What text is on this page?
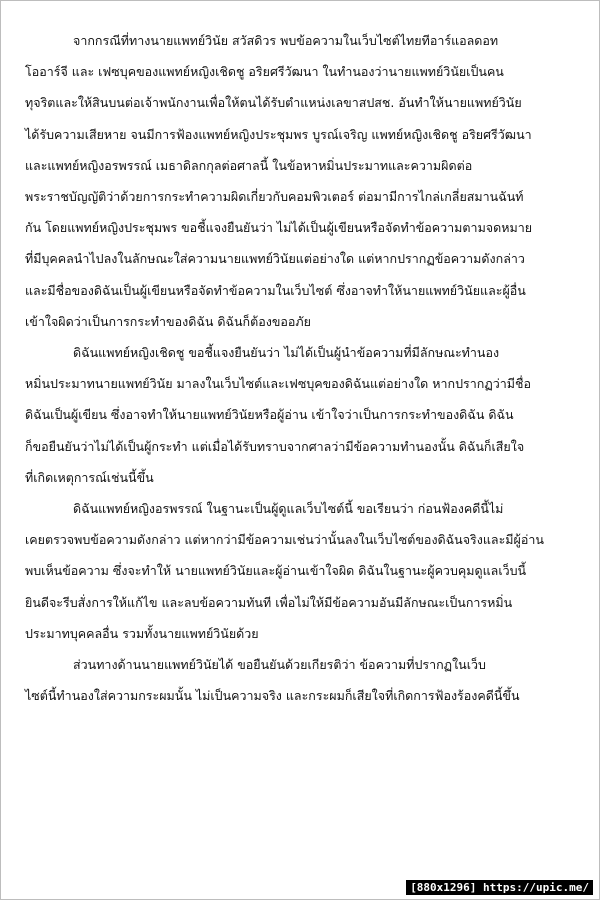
จากกรณีที่ทางนายแพทย์วินัย สวัสดิวร พบข้อความในเว็บไซต์ไทยทีอาร์แอลดอท
โออาร์จี และ เฟซบุคของแพทย์หญิงเชิดชู อริยศรีวัฒนา ในทำนองว่านายแพทย์วินัยเป็นคน
ทุจริตและให้สินบนต่อเจ้าพนักงานเพื่อให้ตนได้รับตำแหน่งเลขาสปสช. อันทำให้นายแพทย์วินัย
ได้รับความเสียหาย จนมีการฟ้องแพทย์หญิงประชุมพร บูรณ์เจริญ แพทย์หญิงเชิดชู อริยศรีวัฒนา
และแพทย์หญิงอรพรรณ์ เมธาดิลกกุลต่อศาลนี้ ในข้อหาหมิ่นประมาทและความผิดต่อ
พระราชบัญญัติว่าด้วยการกระทำความผิดเกี่ยวกับคอมพิวเตอร์ ต่อมามีการไกล่เกลี่ยสมานฉันท์
กัน โดยแพทย์หญิงประชุมพร ขอชี้แจงยืนยันว่า ไม่ได้เป็นผู้เขียนหรือจัดทำข้อความตามจดหมาย
ที่มีบุคคลนำไปลงในลักษณะใส่ความนายแพทย์วินัยแต่อย่างใด แต่หากปรากฏข้อความดังกล่าว
และมีชื่อของดิฉันเป็นผู้เขียนหรือจัดทำข้อความในเว็บไซต์ ซึ่งอาจทำให้นายแพทย์วินัยและผู้อื่น
เข้าใจผิดว่าเป็นการกระทำของดิฉัน ดิฉันก็ต้องขออภัย

ดิฉันแพทย์หญิงเชิดชู ขอชี้แจงยืนยันว่า ไม่ได้เป็นผู้นำข้อความที่มีลักษณะทำนอง
หมิ่นประมาทนายแพทย์วินัย มาลงในเว็บไซต์และเฟซบุคของดิฉันแต่อย่างใด หากปรากฏว่ามีชื่อ
ดิฉันเป็นผู้เขียน ซึ่งอาจทำให้นายแพทย์วินัยหรือผู้อ่าน เข้าใจว่าเป็นการกระทำของดิฉัน ดิฉัน
ก็ขอยืนยันว่าไม่ได้เป็นผู้กระทำ แต่เมื่อได้รับทราบจากศาลว่ามีข้อความทำนองนั้น ดิฉันก็เสียใจ
ที่เกิดเหตุการณ์เช่นนี้ขึ้น

ดิฉันแพทย์หญิงอรพรรณ์ ในฐานะเป็นผู้ดูแลเว็บไซต์นี้ ขอเรียนว่า ก่อนฟ้องคดีนี้ไม่
เคยตรวจพบข้อความดังกล่าว แต่หากว่ามีข้อความเช่นว่านั้นลงในเว็บไซต์ของดิฉันจริงและมีผู้อ่าน
พบเห็นข้อความ ซึ่งจะทำให้ นายแพทย์วินัยและผู้อ่านเข้าใจผิด ดิฉันในฐานะผู้ควบคุมดูแลเว็บนี้
ยินดีจะรีบสั่งการให้แก้ไข และลบข้อความทันที เพื่อไม่ให้มีข้อความอันมีลักษณะเป็นการหมิ่น
ประมาทบุคคลอื่น รวมทั้งนายแพทย์วินัยด้วย

ส่วนทางด้านนายแพทย์วินัยได้ ขอยืนยันด้วยเกียรติว่า ข้อความที่ปรากฏในเว็บ
ไซต์นี้ทำนองใส่ความกระผมนั้น ไม่เป็นความจริง และกระผมก็เสียใจที่เกิดการฟ้องร้องคดีนี้ขึ้น

[880x1296] https://upic.me/
